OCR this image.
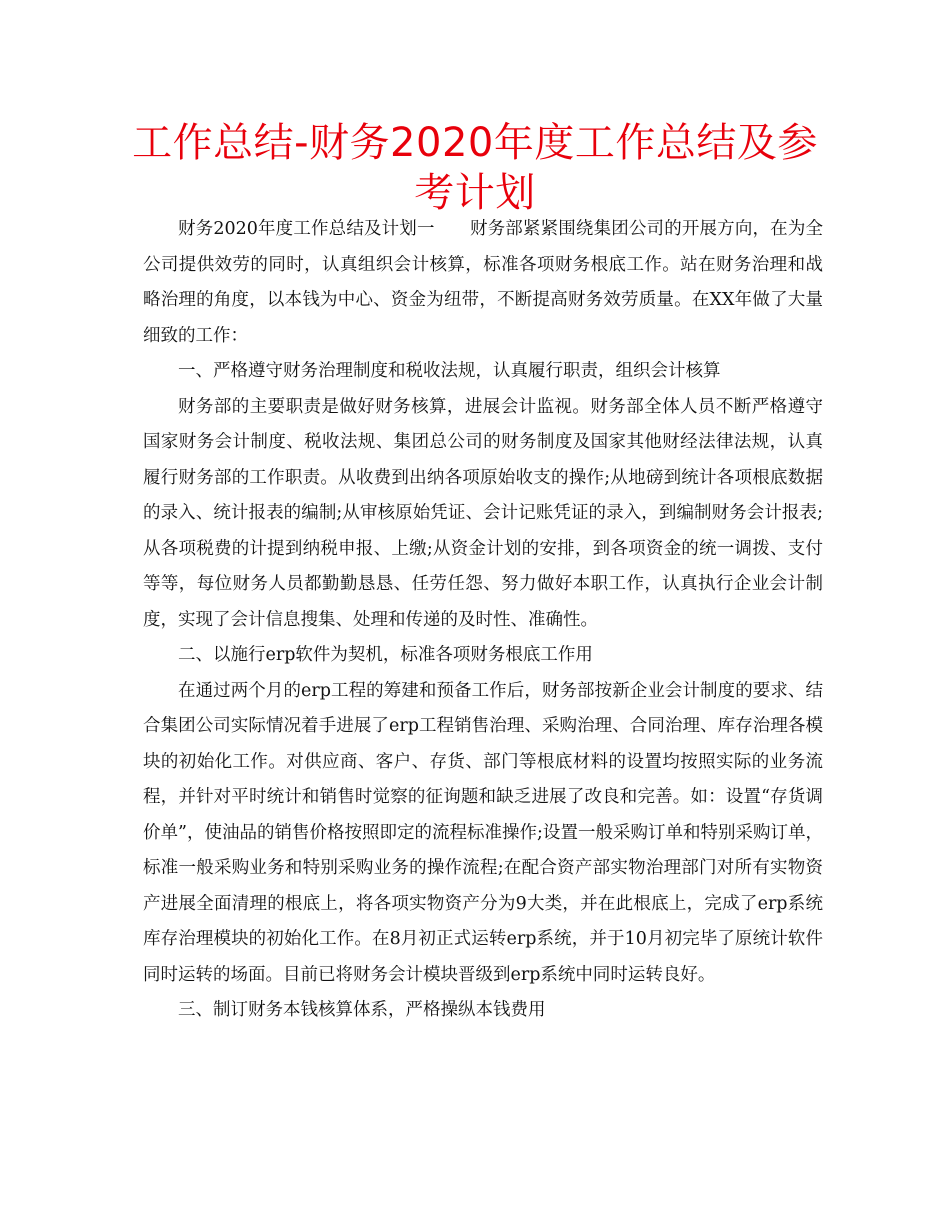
工作总结-财务2020年度工作总结及参考计划

财务2020年度工作总结及计划一　　财务部紧紧围绕集团公司的开展方向，在为全公司提供效劳的同时，认真组织会计核算，标准各项财务根底工作。站在财务治理和战略治理的角度，以本钱为中心、资金为纽带，不断提高财务效劳质量。在XX年做了大量细致的工作：

一、严格遵守财务治理制度和税收法规，认真履行职责，组织会计核算

财务部的主要职责是做好财务核算，进展会计监视。财务部全体人员不断严格遵守国家财务会计制度、税收法规、集团总公司的财务制度及国家其他财经法律法规，认真履行财务部的工作职责。从收费到出纳各项原始收支的操作;从地磅到统计各项根底数据的录入、统计报表的编制;从审核原始凭证、会计记账凭证的录入，到编制财务会计报表;从各项税费的计提到纳税申报、上缴;从资金计划的安排，到各项资金的统一调拨、支付等等，每位财务人员都勤勤恳恳、任劳任怨、努力做好本职工作，认真执行企业会计制度，实现了会计信息搜集、处理和传递的及时性、准确性。

二、以施行erp软件为契机，标准各项财务根底工作用

在通过两个月的erp工程的筹建和预备工作后，财务部按新企业会计制度的要求、结合集团公司实际情况着手进展了erp工程销售治理、采购治理、合同治理、库存治理各模块的初始化工作。对供应商、客户、存货、部门等根底材料的设置均按照实际的业务流程，并针对平时统计和销售时觉察的征询题和缺乏进展了改良和完善。如：设置“存货调价单”，使油品的销售价格按照即定的流程标准操作;设置一般采购订单和特别采购订单，标准一般采购业务和特别采购业务的操作流程;在配合资产部实物治理部门对所有实物资产进展全面清理的根底上，将各项实物资产分为9大类，并在此根底上，完成了erp系统库存治理模块的初始化工作。在8月初正式运转erp系统，并于10月初完毕了原统计软件同时运转的场面。目前已将财务会计模块晋级到erp系统中同时运转良好。

三、制订财务本钱核算体系，严格操纵本钱费用
